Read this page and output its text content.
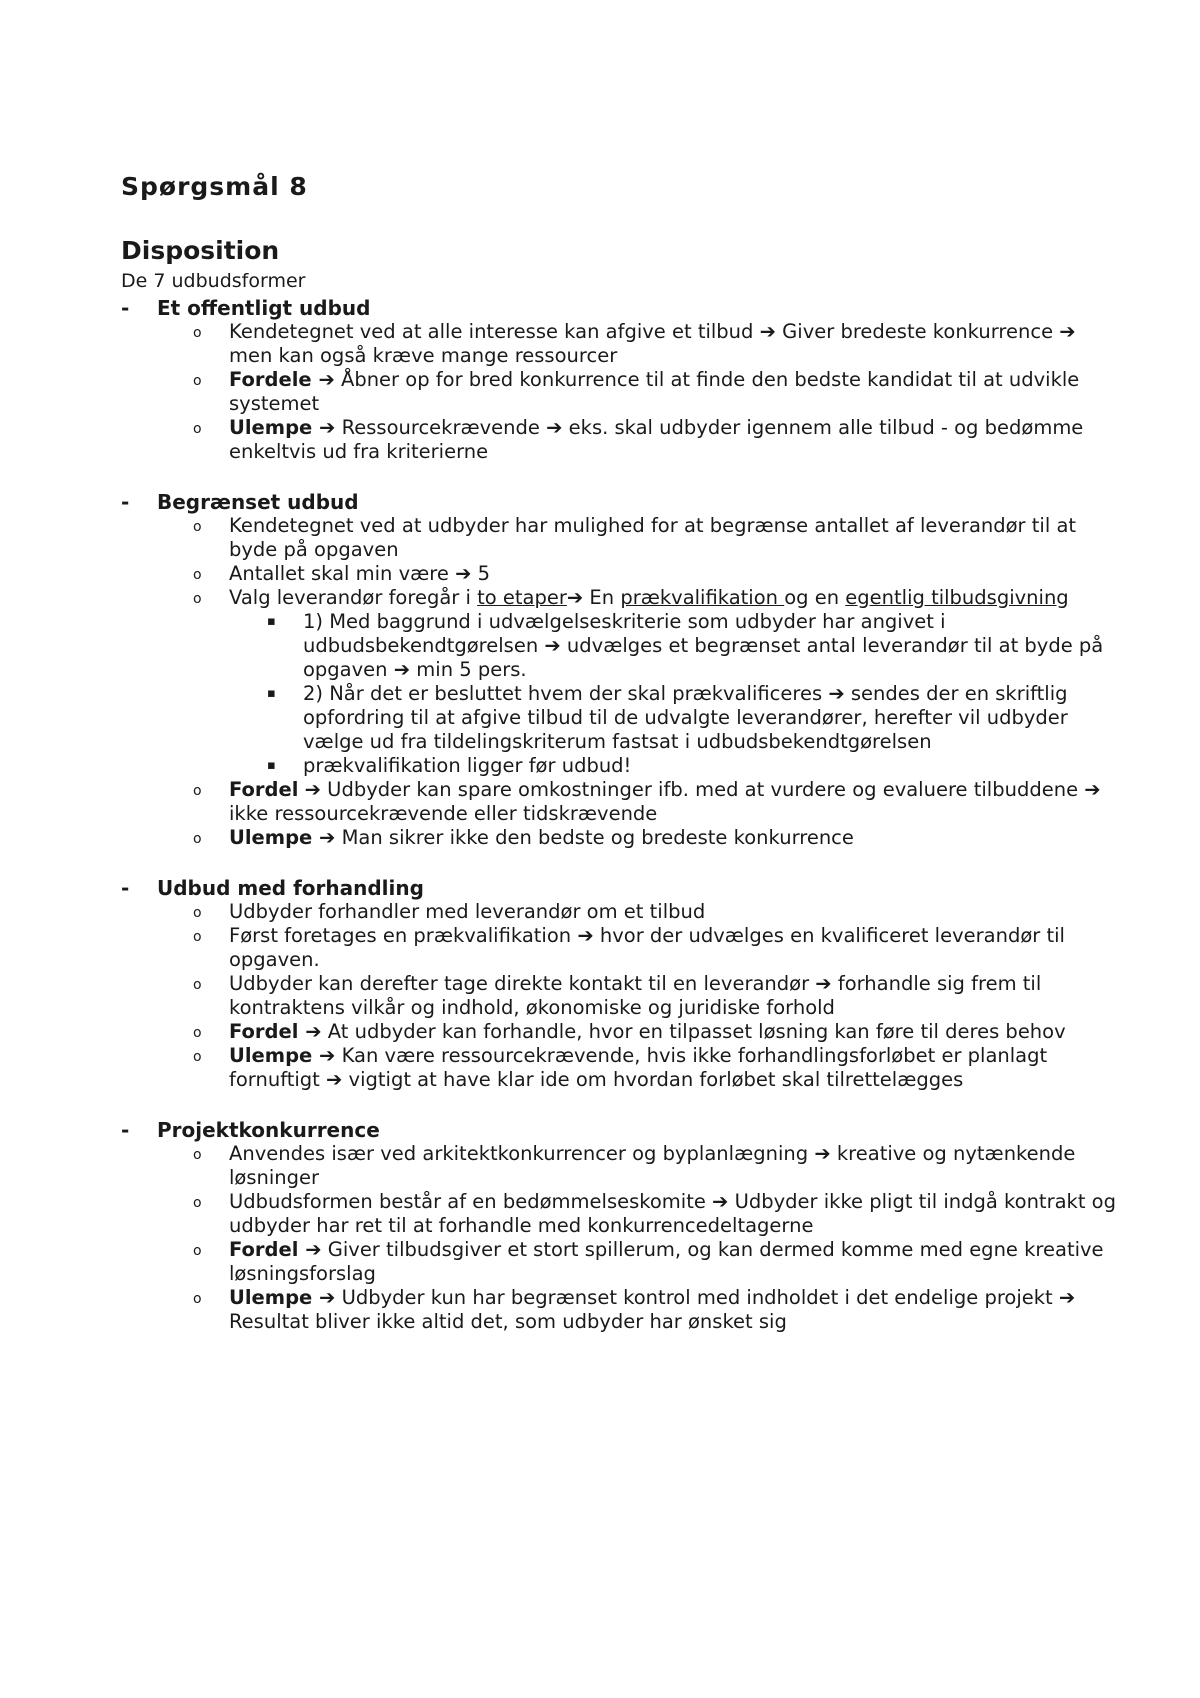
Spørgsmål 8
Disposition
De 7 udbudsformer
- Et offentligt udbud
o Kendetegnet ved at alle interesse kan afgive et tilbud ➔ Giver bredeste konkurrence ➔ men kan også kræve mange ressourcer
o Fordele ➔ Åbner op for bred konkurrence til at finde den bedste kandidat til at udvikle systemet
o Ulempe ➔ Ressourcekrævende ➔ eks. skal udbyder igennem alle tilbud - og bedømme enkeltvis ud fra kriterierne
- Begrænset udbud
o Kendetegnet ved at udbyder har mulighed for at begrænse antallet af leverandør til at byde på opgaven
o Antallet skal min være ➔ 5
o Valg leverandør foregår i to etaper➔ En prækvalifikation og en egentlig tilbudsgivning
▪ 1) Med baggrund i udvælgelseskriterie som udbyder har angivet i udbudsbekendtgørelsen ➔ udvælges et begrænset antal leverandør til at byde på opgaven ➔ min 5 pers.
▪ 2) Når det er besluttet hvem der skal prækvalificeres ➔ sendes der en skriftlig opfordring til at afgive tilbud til de udvalgte leverandører, herefter vil udbyder vælge ud fra tildelingskriterum fastsat i udbudsbekendtgørelsen
▪ prækvalifikation ligger før udbud!
o Fordel ➔ Udbyder kan spare omkostninger ifb. med at vurdere og evaluere tilbuddene ➔ ikke ressourcekrævende eller tidskrævende
o Ulempe ➔ Man sikrer ikke den bedste og bredeste konkurrence
- Udbud med forhandling
o Udbyder forhandler med leverandør om et tilbud
o Først foretages en prækvalifikation ➔ hvor der udvælges en kvalificeret leverandør til opgaven.
o Udbyder kan derefter tage direkte kontakt til en leverandør ➔ forhandle sig frem til kontraktens vilkår og indhold, økonomiske og juridiske forhold
o Fordel ➔ At udbyder kan forhandle, hvor en tilpasset løsning kan føre til deres behov
o Ulempe ➔ Kan være ressourcekrævende, hvis ikke forhandlingsforløbet er planlagt fornuftigt ➔ vigtigt at have klar ide om hvordan forløbet skal tilrettelægges
- Projektkonkurrence
o Anvendes især ved arkitektkonkurrencer og byplanlægning ➔ kreative og nytænkende løsninger
o Udbudsformen består af en bedømmelseskomite ➔ Udbyder ikke pligt til indgå kontrakt og udbyder har ret til at forhandle med konkurrencedeltagerne
o Fordel ➔ Giver tilbudsgiver et stort spillerum, og kan dermed komme med egne kreative løsningsforslag
o Ulempe ➔ Udbyder kun har begrænset kontrol med indholdet i det endelige projekt ➔ Resultat bliver ikke altid det, som udbyder har ønsket sig
